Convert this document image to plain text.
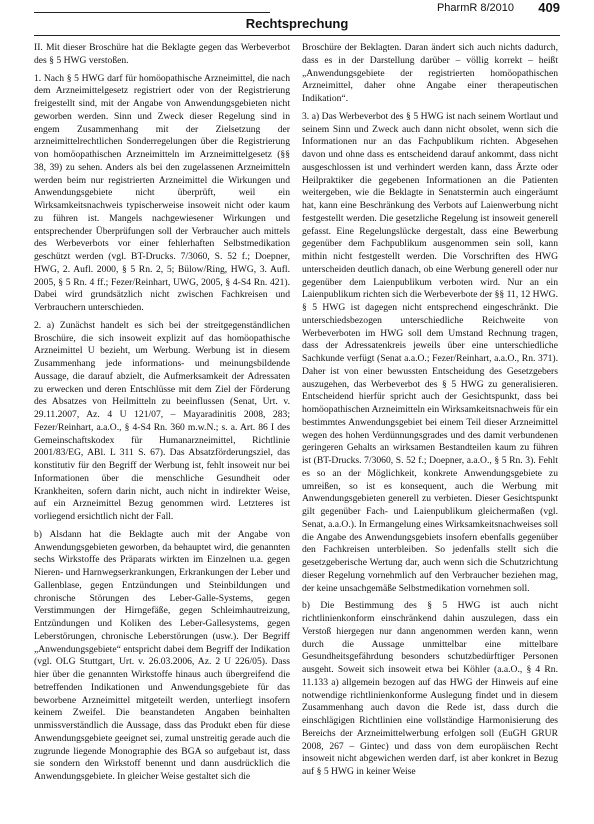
PharmR 8/2010 409
Rechtsprechung

II. Mit dieser Broschüre hat die Beklagte gegen das Werbeverbot des § 5 HWG verstoßen.

1. Nach § 5 HWG darf für homöopathische Arzneimittel, die nach dem Arzneimittelgesetz registriert oder von der Registrierung freigestellt sind, mit der Angabe von Anwendungsgebieten nicht geworben werden. Sinn und Zweck dieser Regelung sind in engem Zusammenhang mit der Zielsetzung der arzneimittelrechtlichen Sonderregelungen über die Registrierung von homöopathischen Arzneimitteln im Arzneimittelgesetz (§§ 38, 39) zu sehen. Anders als bei den zugelassenen Arzneimitteln werden beim nur registrierten Arzneimittel die Wirkungen und Anwendungsgebiete nicht überprüft, weil ein Wirksamkeitsnachweis typischerweise insoweit nicht oder kaum zu führen ist. Mangels nachgewiesener Wirkungen und entsprechender Überprüfungen soll der Verbraucher auch mittels des Werbeverbots vor einer fehlerhaften Selbstmedikation geschützt werden (vgl. BT-Drucks. 7/3060, S. 52 f.; Doepner, HWG, 2. Aufl. 2000, § 5 Rn. 2, 5; Bülow/Ring, HWG, 3. Aufl. 2005, § 5 Rn. 4 ff.; Fezer/Reinhart, UWG, 2005, § 4-S4 Rn. 421). Dabei wird grundsätzlich nicht zwischen Fachkreisen und Verbrauchern unterschieden.

2. a) Zunächst handelt es sich bei der streitgegenständlichen Broschüre, die sich insoweit explizit auf das homöopathische Arzneimittel U bezieht, um Werbung. Werbung ist in diesem Zusammenhang jede informations- und meinungsbildende Aussage, die darauf abzielt, die Aufmerksamkeit der Adressaten zu erwecken und deren Entschlüsse mit dem Ziel der Förderung des Absatzes von Heilmitteln zu beeinflussen (Senat, Urt. v. 29.11.2007, Az. 4 U 121/07, – Mayaradinitis 2008, 283; Fezer/Reinhart, a.a.O., § 4-S4 Rn. 360 m.w.N.; s. a. Art. 86 I des Gemeinschaftskodex für Humanarzneimittel, Richtlinie 2001/83/EG, ABl. L 311 S. 67). Das Absatzförderungsziel, das konstitutiv für den Begriff der Werbung ist, fehlt insoweit nur bei Informationen über die menschliche Gesundheit oder Krankheiten, sofern darin nicht, auch nicht in indirekter Weise, auf ein Arzneimittel Bezug genommen wird. Letzteres ist vorliegend ersichtlich nicht der Fall.

b) Alsdann hat die Beklagte auch mit der Angabe von Anwendungsgebieten geworben, da behauptet wird, die genannten sechs Wirkstoffe des Präparats wirkten im Einzelnen u.a. gegen Nieren- und Harnwegserkrankungen, Erkrankungen der Leber und Gallenblase, gegen Entzündungen und Steinbildungen und chronische Störungen des Leber-Galle-Systems, gegen Verstimmungen der Hirngefäße, gegen Schleimhautreizung, Entzündungen und Koliken des Leber-Gallesystems, gegen Leberstörungen, chronische Leberstörungen (usw.). Der Begriff „Anwendungsgebiete“ entspricht dabei dem Begriff der Indikation (vgl. OLG Stuttgart, Urt. v. 26.03.2006, Az. 2 U 226/05). Dass hier über die genannten Wirkstoffe hinaus auch übergreifend die betreffenden Indikationen und Anwendungsgebiete für das beworbene Arzneimittel mitgeteilt werden, unterliegt insofern keinem Zweifel. Die beanstandeten Angaben beinhalten unmissverständlich die Aussage, dass das Produkt eben für diese Anwendungsgebiete geeignet sei, zumal unstreitig gerade auch die zugrunde liegende Monographie des BGA so aufgebaut ist, dass sie sondern den Wirkstoff benennt und dann ausdrücklich die Anwendungsgebiete. In gleicher Weise gestaltet sich die

Broschüre der Beklagten. Daran ändert sich auch nichts dadurch, dass es in der Darstellung darüber – völlig korrekt – heißt „Anwendungsgebiete der registrierten homöopathischen Arzneimittel, daher ohne Angabe einer therapeutischen Indikation“.

3. a) Das Werbeverbot des § 5 HWG ist nach seinem Wortlaut und seinem Sinn und Zweck auch dann nicht obsolet, wenn sich die Informationen nur an das Fachpublikum richten. Abgesehen davon und ohne dass es entscheidend darauf ankommt, dass nicht ausgeschlossen ist und verhindert werden kann, dass Ärzte oder Heilpraktiker die gegebenen Informationen an die Patienten weitergeben, wie die Beklagte in Senatstermin auch eingeräumt hat, kann eine Beschränkung des Verbots auf Laienwerbung nicht festgestellt werden. Die gesetzliche Regelung ist insoweit generell gefasst. Eine Regelungslücke dergestalt, dass eine Bewerbung gegenüber dem Fachpublikum ausgenommen sein soll, kann mithin nicht festgestellt werden. Die Vorschriften des HWG unterscheiden deutlich danach, ob eine Werbung generell oder nur gegenüber dem Laienpublikum verboten wird. Nur an ein Laienpublikum richten sich die Werbeverbote der §§ 11, 12 HWG. § 5 HWG ist dagegen nicht entsprechend eingeschränkt. Die unterschiedsbezogen unterschiedliche Reichweite von Werbeverboten im HWG soll dem Umstand Rechnung tragen, dass der Adressatenkreis jeweils über eine unterschiedliche Sachkunde verfügt (Senat a.a.O.; Fezer/Reinhart, a.a.O., Rn. 371). Daher ist von einer bewussten Entscheidung des Gesetzgebers auszugehen, das Werbeverbot des § 5 HWG zu generalisieren. Entscheidend hierfür spricht auch der Gesichtspunkt, dass bei homöopathischen Arzneimitteln ein Wirksamkeitsnachweis für ein bestimmtes Anwendungsgebiet bei einem Teil dieser Arzneimittel wegen des hohen Verdünnungsgrades und des damit verbundenen geringeren Gehalts an wirksamen Bestandteilen kaum zu führen ist (BT-Drucks. 7/3060, S. 52 f.; Doepner, a.a.O., § 5 Rn. 3). Fehlt es so an der Möglichkeit, konkrete Anwendungsgebiete zu umreißen, so ist es konsequent, auch die Werbung mit Anwendungsgebieten generell zu verbieten. Dieser Gesichtspunkt gilt gegenüber Fach- und Laienpublikum gleichermaßen (vgl. Senat, a.a.O.). In Ermangelung eines Wirksamkeitsnachweises soll die Angabe des Anwendungsgebiets insofern ebenfalls gegenüber den Fachkreisen unterbleiben. So jedenfalls stellt sich die gesetzgeberische Wertung dar, auch wenn sich die Schutzrichtung dieser Regelung vornehmlich auf den Verbraucher beziehen mag, der keine unsachgemäße Selbstmedikation vornehmen soll.

b) Die Bestimmung des § 5 HWG ist auch nicht richtlinienkonform einschränkend dahin auszulegen, dass ein Verstoß hiergegen nur dann angenommen werden kann, wenn durch die Aussage unmittelbar eine mittelbare Gesundheitsgefährdung besonders schutzbedürftiger Personen ausgeht. Soweit sich insoweit etwa bei Köhler (a.a.O., § 4 Rn. 11.133 a) allgemein bezogen auf das HWG der Hinweis auf eine notwendige richtlinienkonforme Auslegung findet und in diesem Zusammenhang auch davon die Rede ist, dass durch die einschlägigen Richtlinien eine vollständige Harmonisierung des Bereichs der Arzneimittelwerbung erfolgen soll (EuGH GRUR 2008, 267 – Gintec) und dass von dem europäischen Recht insoweit nicht abgewichen werden darf, ist aber konkret in Bezug auf § 5 HWG in keiner Weise
